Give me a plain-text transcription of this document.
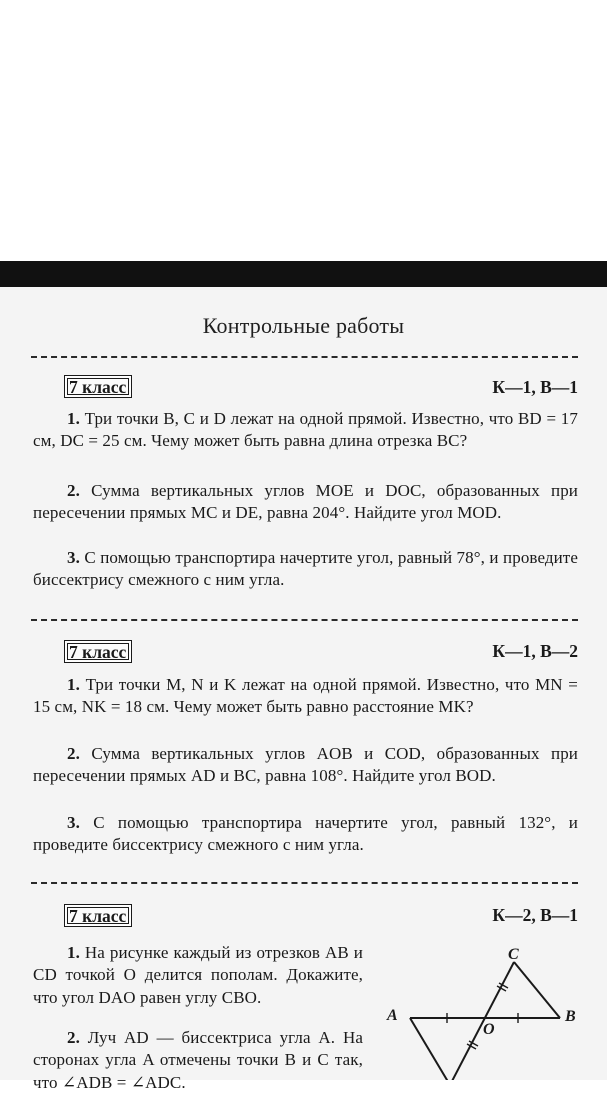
Контрольные работы
7 класс	К—1, В—1
1. Три точки B, C и D лежат на одной прямой. Известно, что BD = 17 см, DC = 25 см. Чему может быть равна длина отрезка BC?
2. Сумма вертикальных углов MOE и DOC, образованных при пересечении прямых MC и DE, равна 204°. Найдите угол MOD.
3. С помощью транспортира начертите угол, равный 78°, и проведите биссектрису смежного с ним угла.
7 класс	К—1, В—2
1. Три точки M, N и K лежат на одной прямой. Известно, что MN = 15 см, NK = 18 см. Чему может быть равно расстояние MK?
2. Сумма вертикальных углов AOB и COD, образованных при пересечении прямых AD и BC, равна 108°. Найдите угол BOD.
3. С помощью транспортира начертите угол, равный 132°, и проведите биссектрису смежного с ним угла.
7 класс	К—2, В—1
1. На рисунке каждый из отрезков AB и CD точкой O делится пополам. Докажите, что угол DAO равен углу CBO.
2. Луч AD — биссектриса угла A. На сторонах угла A отмечены точки B и C так, что ∠ADB = ∠ADC.
C
A	B
O
